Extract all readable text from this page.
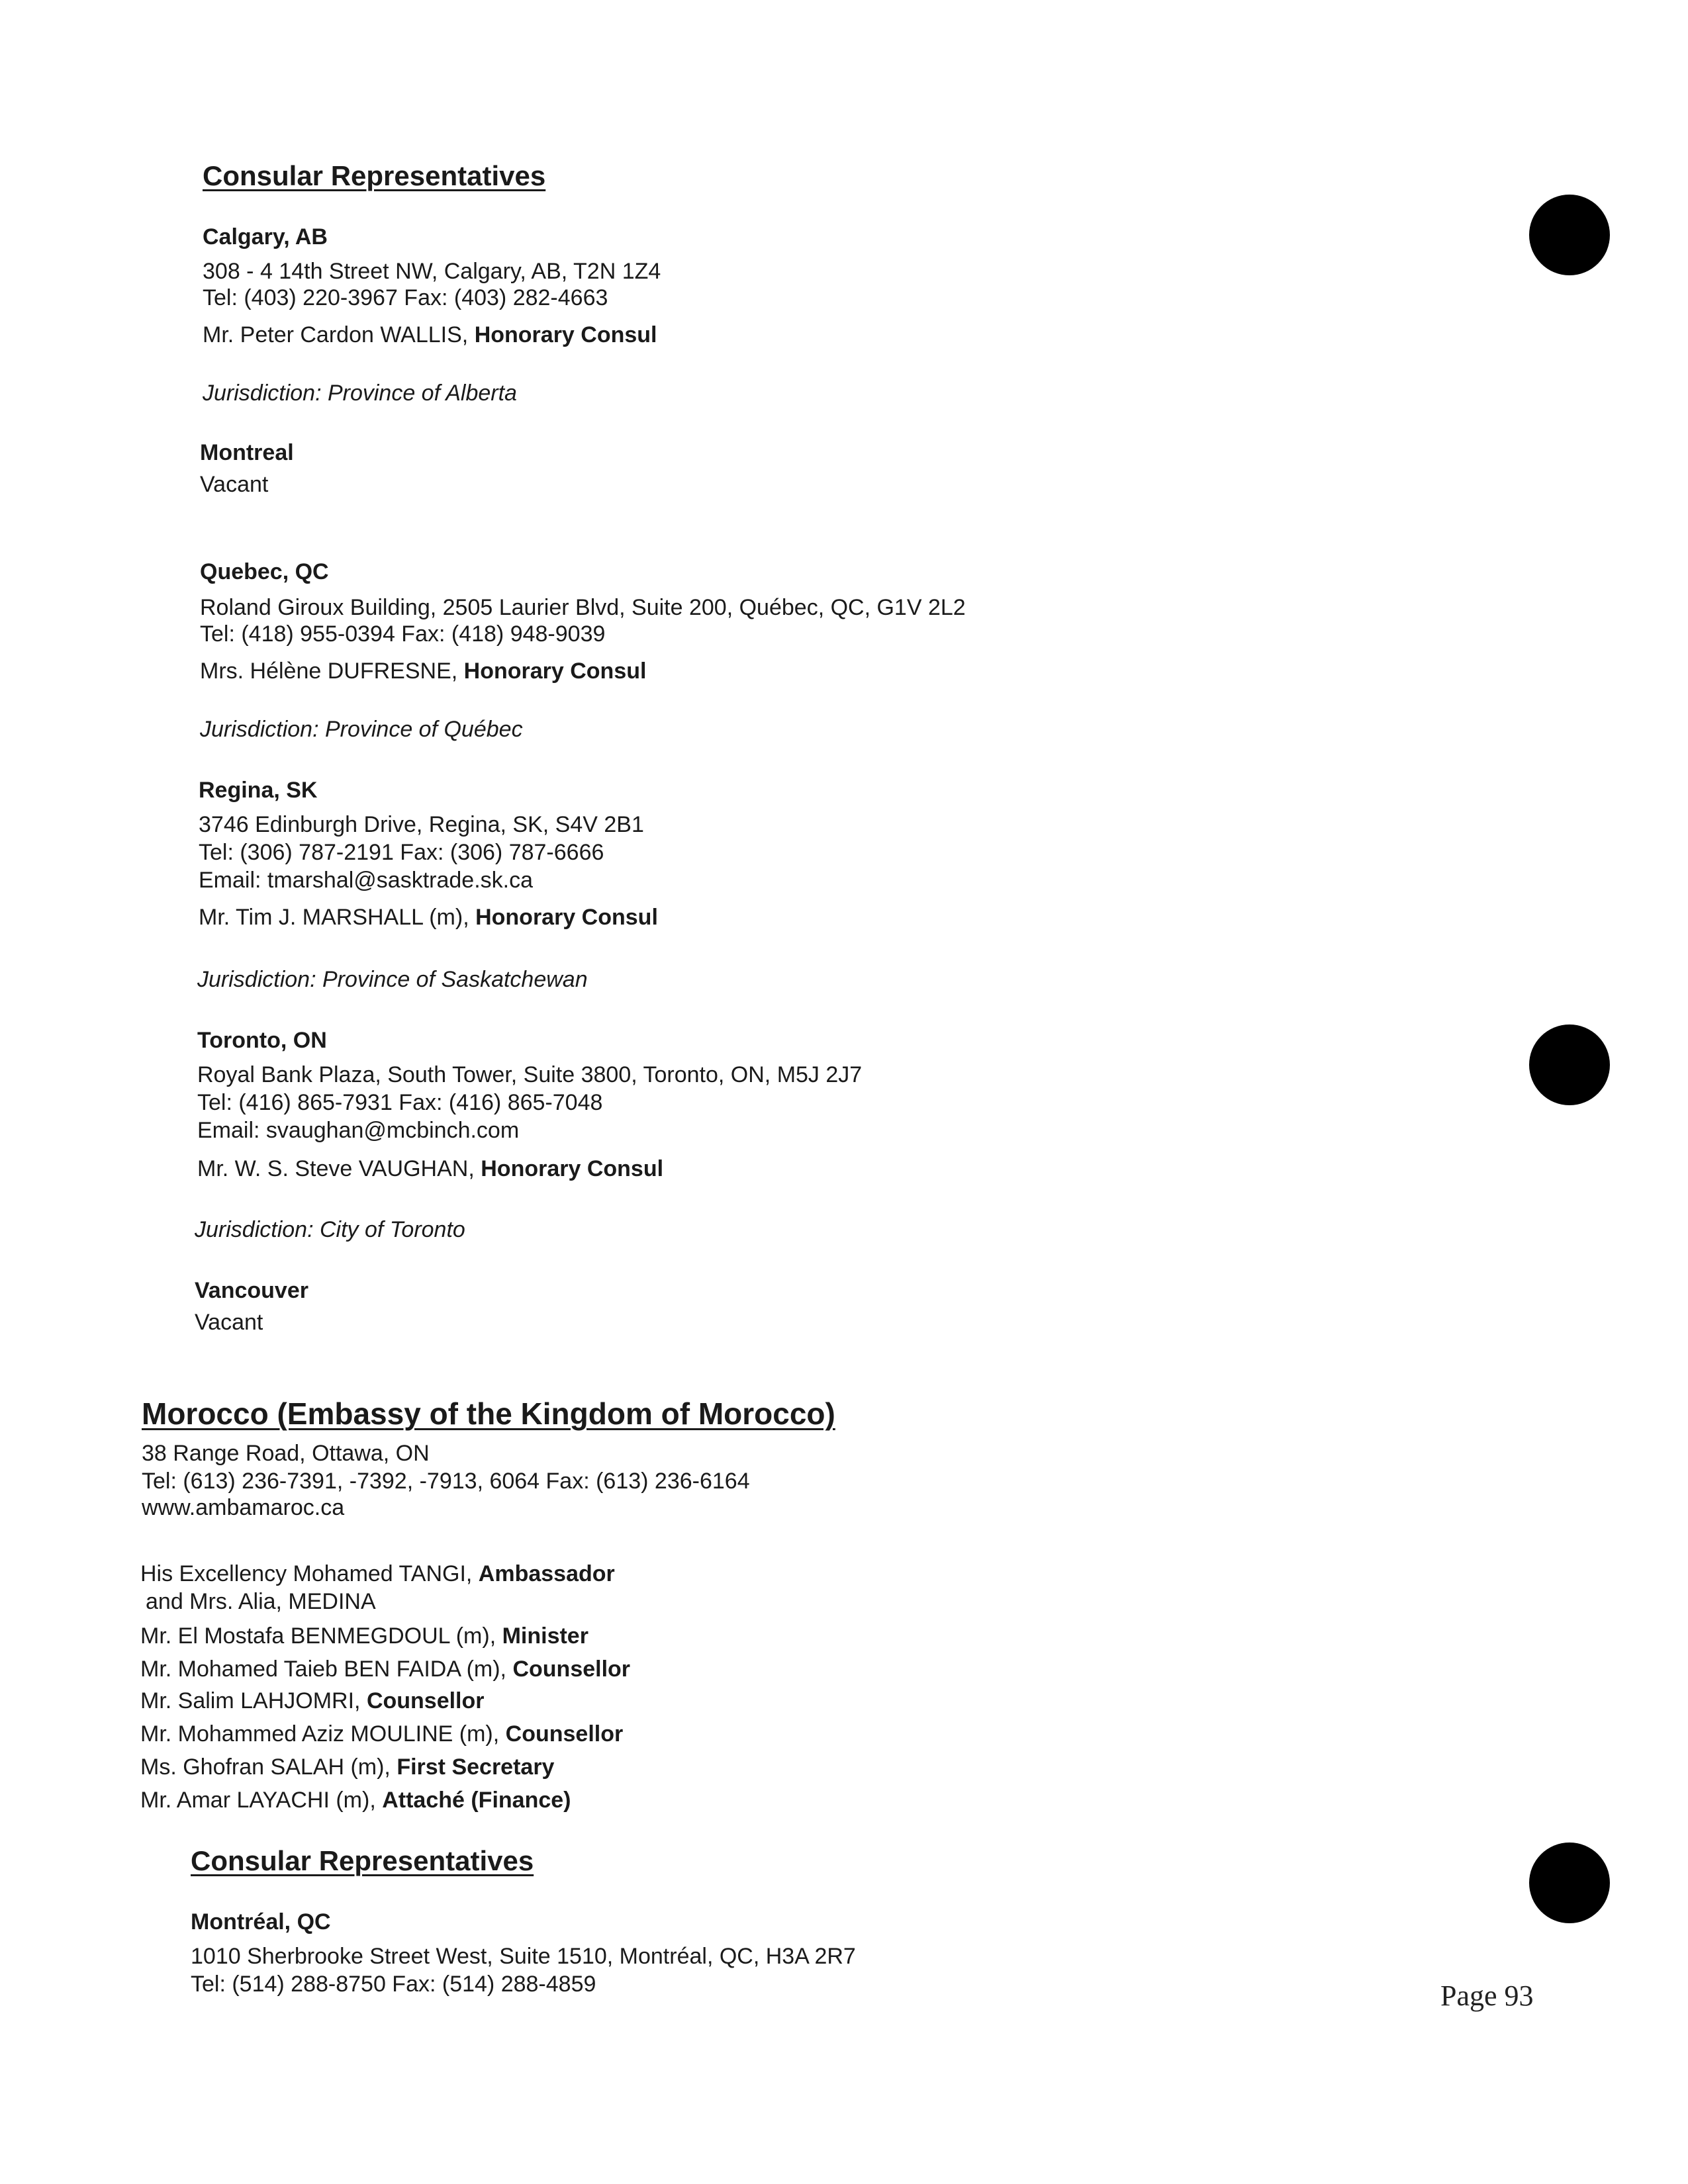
Consular Representatives
Calgary, AB
308 - 4 14th Street NW, Calgary, AB, T2N 1Z4
Tel: (403) 220-3967 Fax: (403) 282-4663
Mr. Peter Cardon WALLIS, Honorary Consul
Jurisdiction: Province of Alberta
Montreal
Vacant
Quebec, QC
Roland Giroux Building, 2505 Laurier Blvd, Suite 200, Québec, QC, G1V 2L2
Tel: (418) 955-0394 Fax: (418) 948-9039
Mrs. Hélène DUFRESNE, Honorary Consul
Jurisdiction: Province of Québec
Regina, SK
3746 Edinburgh Drive, Regina, SK, S4V 2B1
Tel: (306) 787-2191 Fax: (306) 787-6666
Email: tmarshal@sasktrade.sk.ca
Mr. Tim J. MARSHALL (m), Honorary Consul
Jurisdiction: Province of Saskatchewan
Toronto, ON
Royal Bank Plaza, South Tower, Suite 3800, Toronto, ON, M5J 2J7
Tel: (416) 865-7931 Fax: (416) 865-7048
Email: svaughan@mcbinch.com
Mr. W. S. Steve VAUGHAN, Honorary Consul
Jurisdiction: City of Toronto
Vancouver
Vacant
Morocco (Embassy of the Kingdom of Morocco)
38 Range Road, Ottawa, ON
Tel: (613) 236-7391, -7392, -7913, 6064 Fax: (613) 236-6164
www.ambamaroc.ca
His Excellency Mohamed TANGI, Ambassador
and Mrs. Alia, MEDINA
Mr. El Mostafa BENMEGDOUL (m), Minister
Mr. Mohamed Taieb BEN FAIDA (m), Counsellor
Mr. Salim LAHJOMRI, Counsellor
Mr. Mohammed Aziz MOULINE (m), Counsellor
Ms. Ghofran SALAH (m), First Secretary
Mr. Amar LAYACHI (m), Attaché (Finance)
Consular Representatives
Montréal, QC
1010 Sherbrooke Street West, Suite 1510, Montréal, QC, H3A 2R7
Tel: (514) 288-8750 Fax: (514) 288-4859	Page 93
